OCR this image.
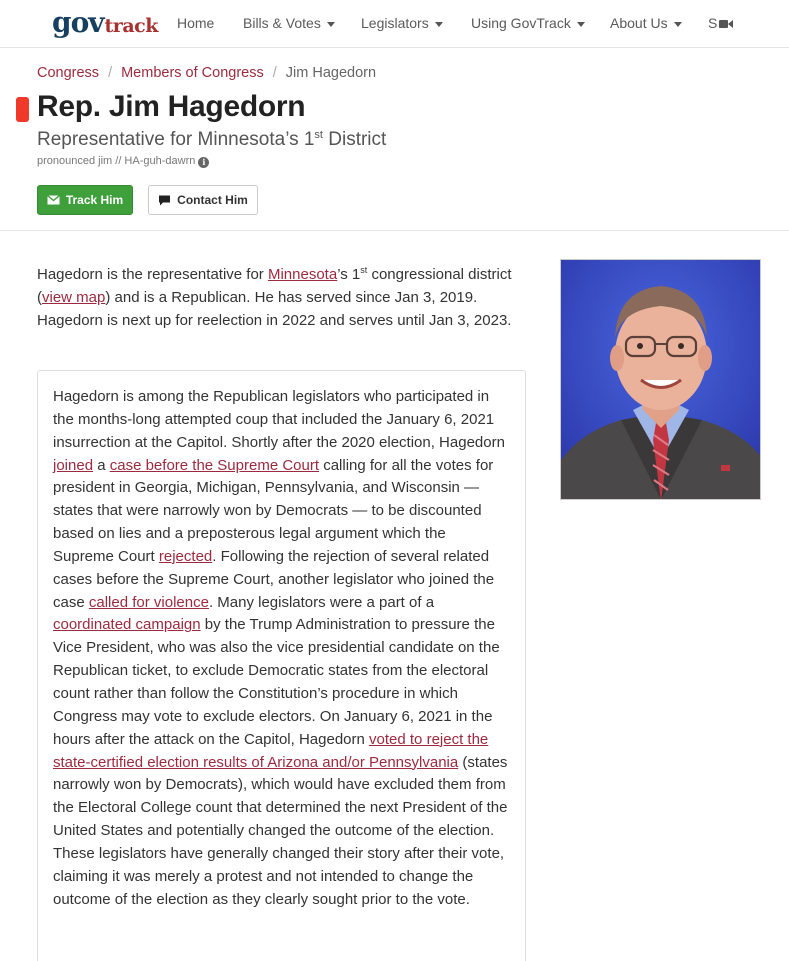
gov track Home Bills & Votes	Legislators	Using GovTrack	About Us	S
Congress / Members of Congress / Jim Hagedorn
Rep. Jim Hagedorn
Representative for Minnesota’s 1st District
pronounced jim // HA-guh-dawrn i
Track Him	Contact Him

Hagedorn is the representative for Minnesota’s 1st congressional district (view map) and is a Republican. He has served since Jan 3, 2019. Hagedorn is next up for reelection in 2022 and serves until Jan 3, 2023.

Hagedorn is among the Republican legislators who participated in the months-long attempted coup that included the January 6, 2021 insurrection at the Capitol. Shortly after the 2020 election, Hagedorn joined a case before the Supreme Court calling for all the votes for president in Georgia, Michigan, Pennsylvania, and Wisconsin — states that were narrowly won by Democrats — to be discounted based on lies and a preposterous legal argument which the Supreme Court rejected. Following the rejection of several related cases before the Supreme Court, another legislator who joined the case called for violence. Many legislators were a part of a coordinated campaign by the Trump Administration to pressure the Vice President, who was also the vice presidential candidate on the Republican ticket, to exclude Democratic states from the electoral count rather than follow the Constitution’s procedure in which Congress may vote to exclude electors. On January 6, 2021 in the hours after the attack on the Capitol, Hagedorn voted to reject the state-certified election results of Arizona and/or Pennsylvania (states narrowly won by Democrats), which would have excluded them from the Electoral College count that determined the next President of the United States and potentially changed the outcome of the election. These legislators have generally changed their story after their vote, claiming it was merely a protest and not intended to change the outcome of the election as they clearly sought prior to the vote.
